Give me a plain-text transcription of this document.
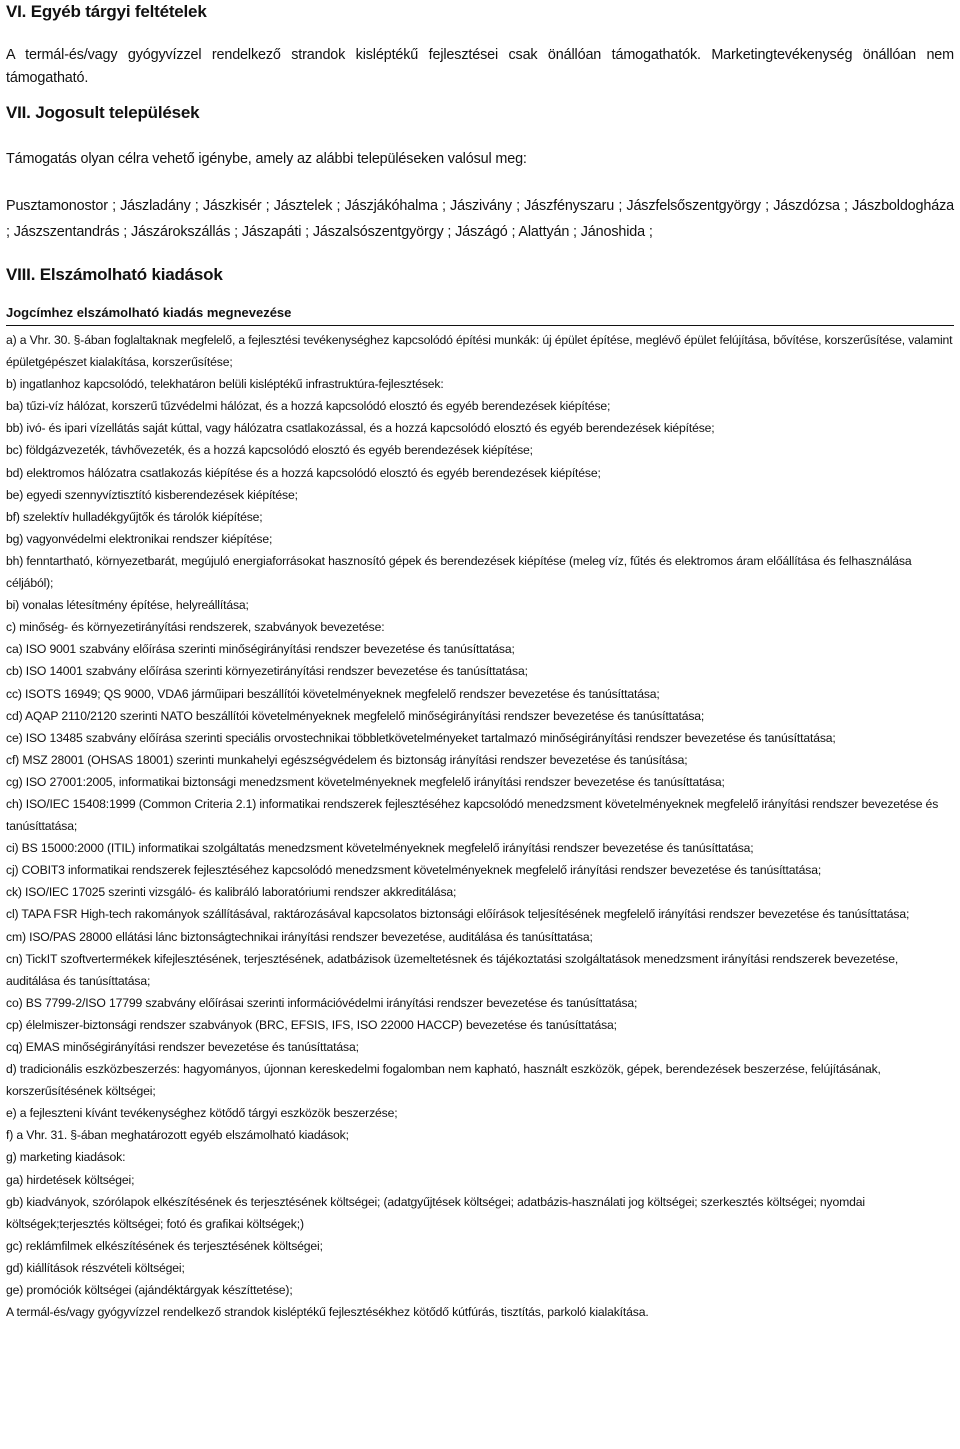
VI. Egyéb tárgyi feltételek

A termál-és/vagy gyógyvízzel rendelkező strandok kisléptékű fejlesztései csak önállóan támogathatók. Marketingtevékenység önállóan nem támogatható.

VII. Jogosult települések

Támogatás olyan célra vehető igénybe, amely az alábbi településeken valósul meg:

Pusztamonostor ; Jászladány ; Jászkisér ; Jásztelek ; Jászjákóhalma ; Jászivány ; Jászfényszaru ; Jászfelsőszentgyörgy ; Jászdózsa ; Jászboldogháza ; Jászszentandrás ; Jászárokszállás ; Jászapáti ; Jászalsószentgyörgy ; Jászágó ; Alattyán ; Jánoshida ;

VIII. Elszámolható kiadások
Jogcímhez elszámolható kiadás megnevezése

a) a Vhr. 30. §-ában foglaltaknak megfelelő, a fejlesztési tevékenységhez kapcsolódó építési munkák: új épület építése, meglévő épület felújítása, bővítése, korszerűsítése, valamint épületgépészet kialakítása, korszerűsítése;

b) ingatlanhoz kapcsolódó, telekhatáron belüli kisléptékű infrastruktúra-fejlesztések:

ba) tűzi-víz hálózat, korszerű tűzvédelmi hálózat, és a hozzá kapcsolódó elosztó és egyéb berendezések kiépítése;

bb) ivó- és ipari vízellátás saját kúttal, vagy hálózatra csatlakozással, és a hozzá kapcsolódó elosztó és egyéb berendezések kiépítése;

bc) földgázvezeték, távhővezeték, és a hozzá kapcsolódó elosztó és egyéb berendezések kiépítése;

bd) elektromos hálózatra csatlakozás kiépítése és a hozzá kapcsolódó elosztó és egyéb berendezések kiépítése;

be) egyedi szennyvíztisztító kisberendezések kiépítése;

bf) szelektív hulladékgyűjtők és tárolók kiépítése;

bg) vagyonvédelmi elektronikai rendszer kiépítése;

bh) fenntartható, környezetbarát, megújuló energiaforrásokat hasznosító gépek és berendezések kiépítése (meleg víz, fűtés és elektromos áram előállítása és felhasználása céljából);

bi) vonalas létesítmény építése, helyreállítása;

c) minőség- és környezetirányítási rendszerek, szabványok bevezetése:

ca) ISO 9001 szabvány előírása szerinti minőségirányítási rendszer bevezetése és tanúsíttatása;

cb) ISO 14001 szabvány előírása szerinti környezetirányítási rendszer bevezetése és tanúsíttatása;

cc) ISOTS 16949; QS 9000, VDA6 járműipari beszállítói követelményeknek megfelelő rendszer bevezetése és tanúsíttatása;

cd) AQAP 2110/2120 szerinti NATO beszállítói követelményeknek megfelelő minőségirányítási rendszer bevezetése és tanúsíttatása;

ce) ISO 13485 szabvány előírása szerinti speciális orvostechnikai többletkövetelményeket tartalmazó minőségirányítási rendszer bevezetése és tanúsíttatása;

cf) MSZ 28001 (OHSAS 18001) szerinti munkahelyi egészségvédelem és biztonság irányítási rendszer bevezetése és tanúsítása;

cg) ISO 27001:2005, informatikai biztonsági menedzsment követelményeknek megfelelő irányítási rendszer bevezetése és tanúsíttatása;

ch) ISO/IEC 15408:1999 (Common Criteria 2.1) informatikai rendszerek fejlesztéséhez kapcsolódó menedzsment követelményeknek megfelelő irányítási rendszer bevezetése és tanúsíttatása;

ci) BS 15000:2000 (ITIL) informatikai szolgáltatás menedzsment követelményeknek megfelelő irányítási rendszer bevezetése és tanúsíttatása;

cj) COBIT3 informatikai rendszerek fejlesztéséhez kapcsolódó menedzsment követelményeknek megfelelő irányítási rendszer bevezetése és tanúsíttatása;

ck) ISO/IEC 17025 szerinti vizsgáló- és kalibráló laboratóriumi rendszer akkreditálása;

cl) TAPA FSR High-tech rakományok szállításával, raktározásával kapcsolatos biztonsági előírások teljesítésének megfelelő irányítási rendszer bevezetése és tanúsíttatása;

cm) ISO/PAS 28000 ellátási lánc biztonságtechnikai irányítási rendszer bevezetése, auditálása és tanúsíttatása;

cn) TickIT szoftvertermékek kifejlesztésének, terjesztésének, adatbázisok üzemeltetésnek és tájékoztatási szolgáltatások menedzsment irányítási rendszerek bevezetése, auditálása és tanúsíttatása;

co) BS 7799-2/ISO 17799 szabvány előírásai szerinti információvédelmi irányítási rendszer bevezetése és tanúsíttatása;

cp) élelmiszer-biztonsági rendszer szabványok (BRC, EFSIS, IFS, ISO 22000 HACCP) bevezetése és tanúsíttatása;

cq) EMAS minőségirányítási rendszer bevezetése és tanúsíttatása;

d) tradicionális eszközbeszerzés: hagyományos, újonnan kereskedelmi fogalomban nem kapható, használt eszközök, gépek, berendezések beszerzése, felújításának, korszerűsítésének költségei;

e) a fejleszteni kívánt tevékenységhez kötődő tárgyi eszközök beszerzése;

f) a Vhr. 31. §-ában meghatározott egyéb elszámolható kiadások;

g) marketing kiadások:

ga) hirdetések költségei;

gb) kiadványok, szórólapok elkészítésének és terjesztésének költségei; (adatgyűjtések költségei; adatbázis-használati jog költségei; szerkesztés költségei; nyomdai költségek;terjesztés költségei; fotó és grafikai költségek;)

gc) reklámfilmek elkészítésének és terjesztésének költségei;

gd) kiállítások részvételi költségei;

ge) promóciók költségei (ajándéktárgyak készíttetése);

A termál-és/vagy gyógyvízzel rendelkező strandok kisléptékű fejlesztésékhez kötődő kútfúrás, tisztítás, parkoló kialakítása.
